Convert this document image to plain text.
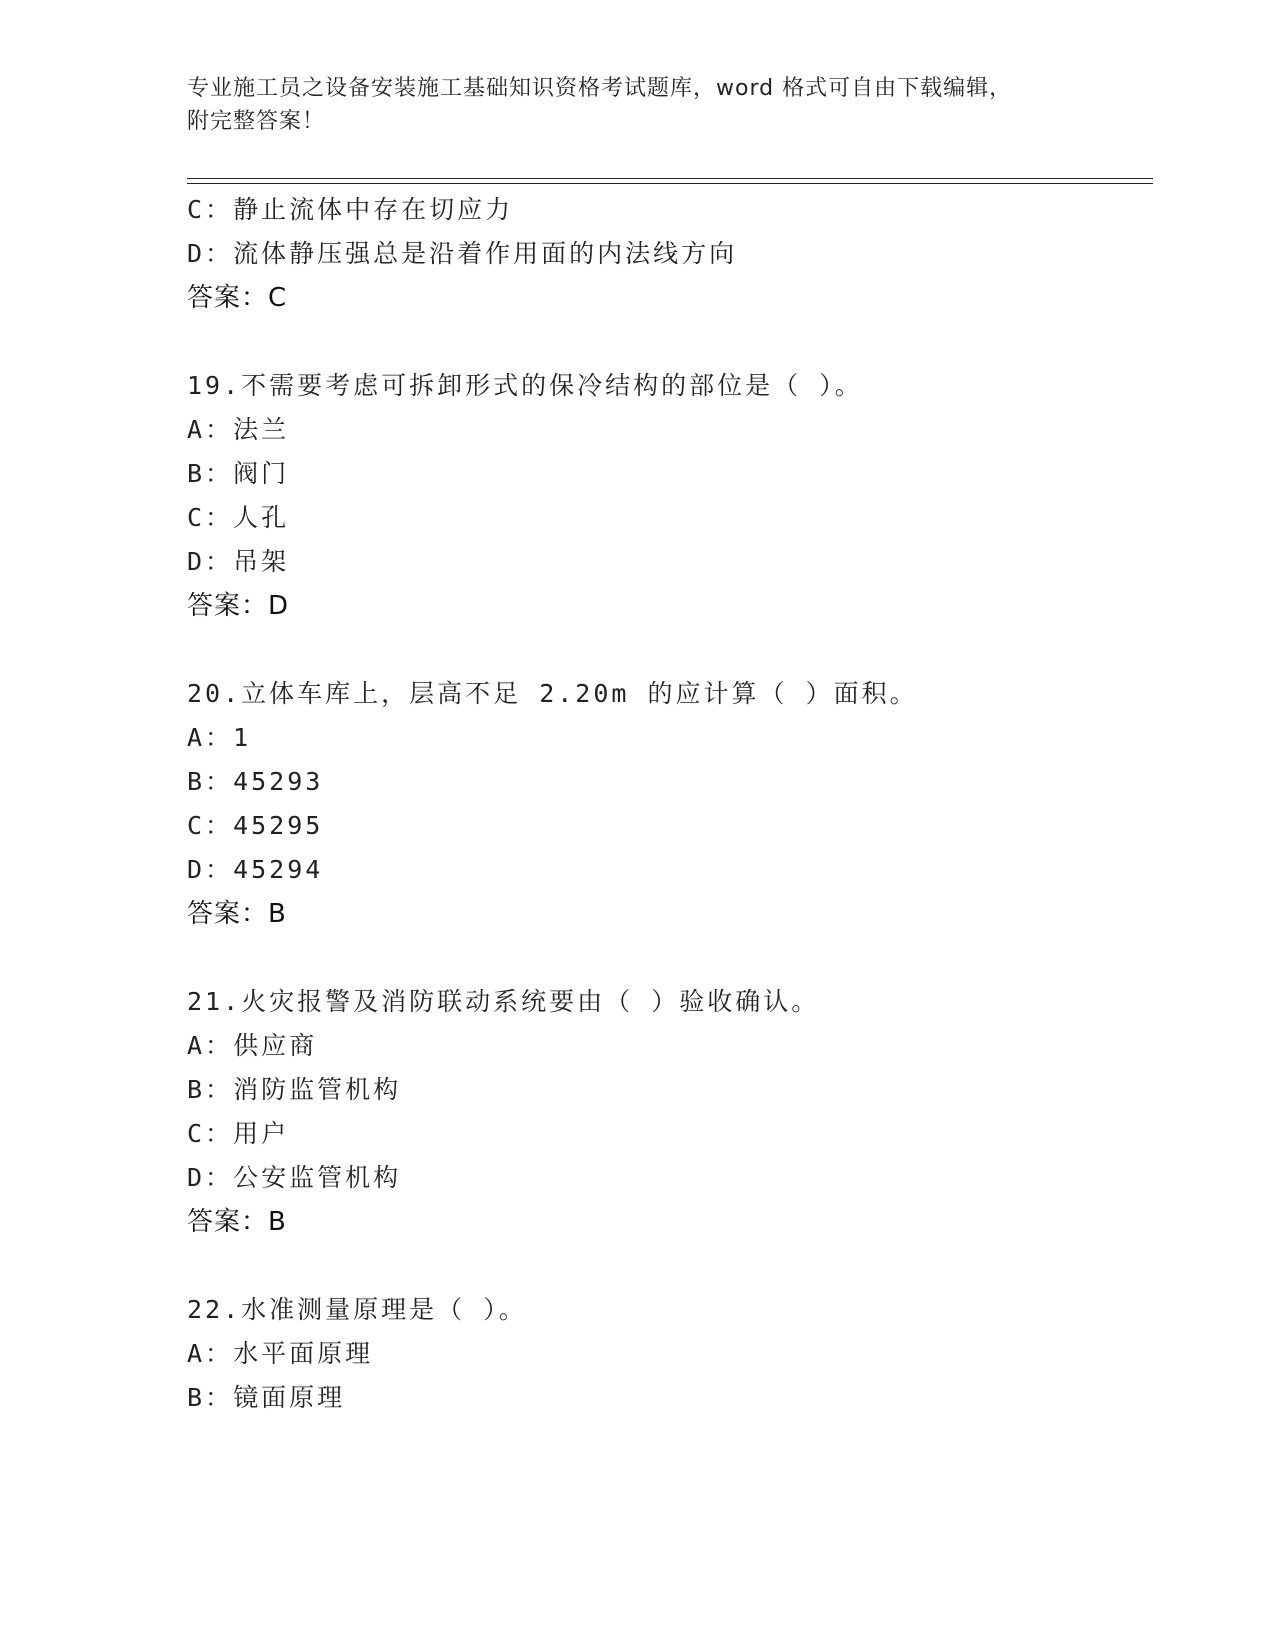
专业施工员之设备安装施工基础知识资格考试题库，word 格式可自由下载编辑，
附完整答案！
C：静止流体中存在切应力
D：流体静压强总是沿着作用面的内法线方向
答案：C
19.不需要考虑可拆卸形式的保冷结构的部位是（ ）。
A：法兰
B：阀门
C：人孔
D：吊架
答案：D
20.立体车库上，层高不足 2.20m 的应计算（ ）面积。
A：1
B：45293
C：45295
D：45294
答案：B
21.火灾报警及消防联动系统要由（ ）验收确认。
A：供应商
B：消防监管机构
C：用户
D：公安监管机构
答案：B
22.水准测量原理是（ ）。
A：水平面原理
B：镜面原理
